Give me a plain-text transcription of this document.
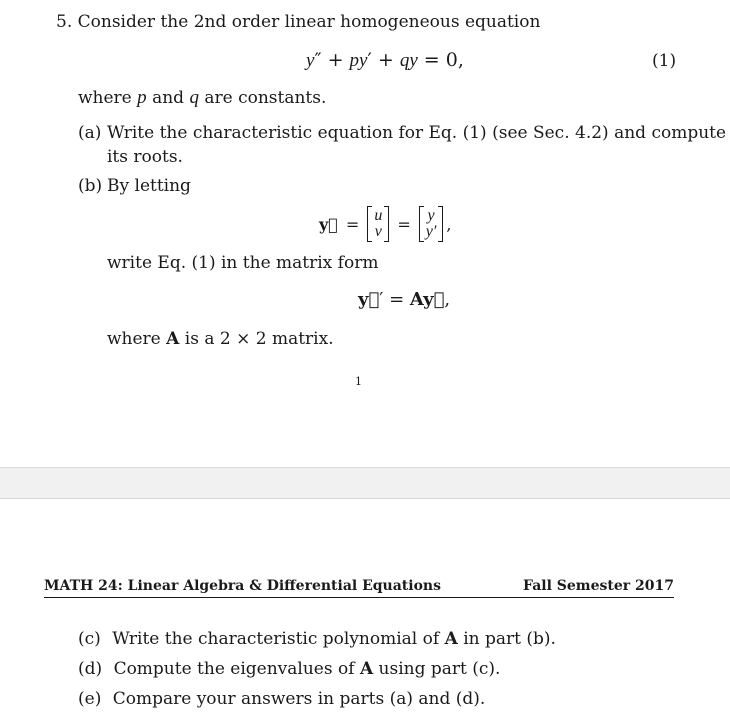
5. Consider the 2nd order linear homogeneous equation
y″ + py′ + qy = 0,	(1)
where p and q are constants.
(a) Write the characteristic equation for Eq. (1) (see Sec. 4.2) and compute
its roots.
(b) By letting
y⃗ = u
v = y
y′ ,
write Eq. (1) in the matrix form
y⃗′ = Ay⃗,
where A is a 2 × 2 matrix.
1
MATH 24: Linear Algebra & Differential Equations	Fall Semester 2017
(c) Write the characteristic polynomial of A in part (b).
(d) Compute the eigenvalues of A using part (c).
(e) Compare your answers in parts (a) and (d).
